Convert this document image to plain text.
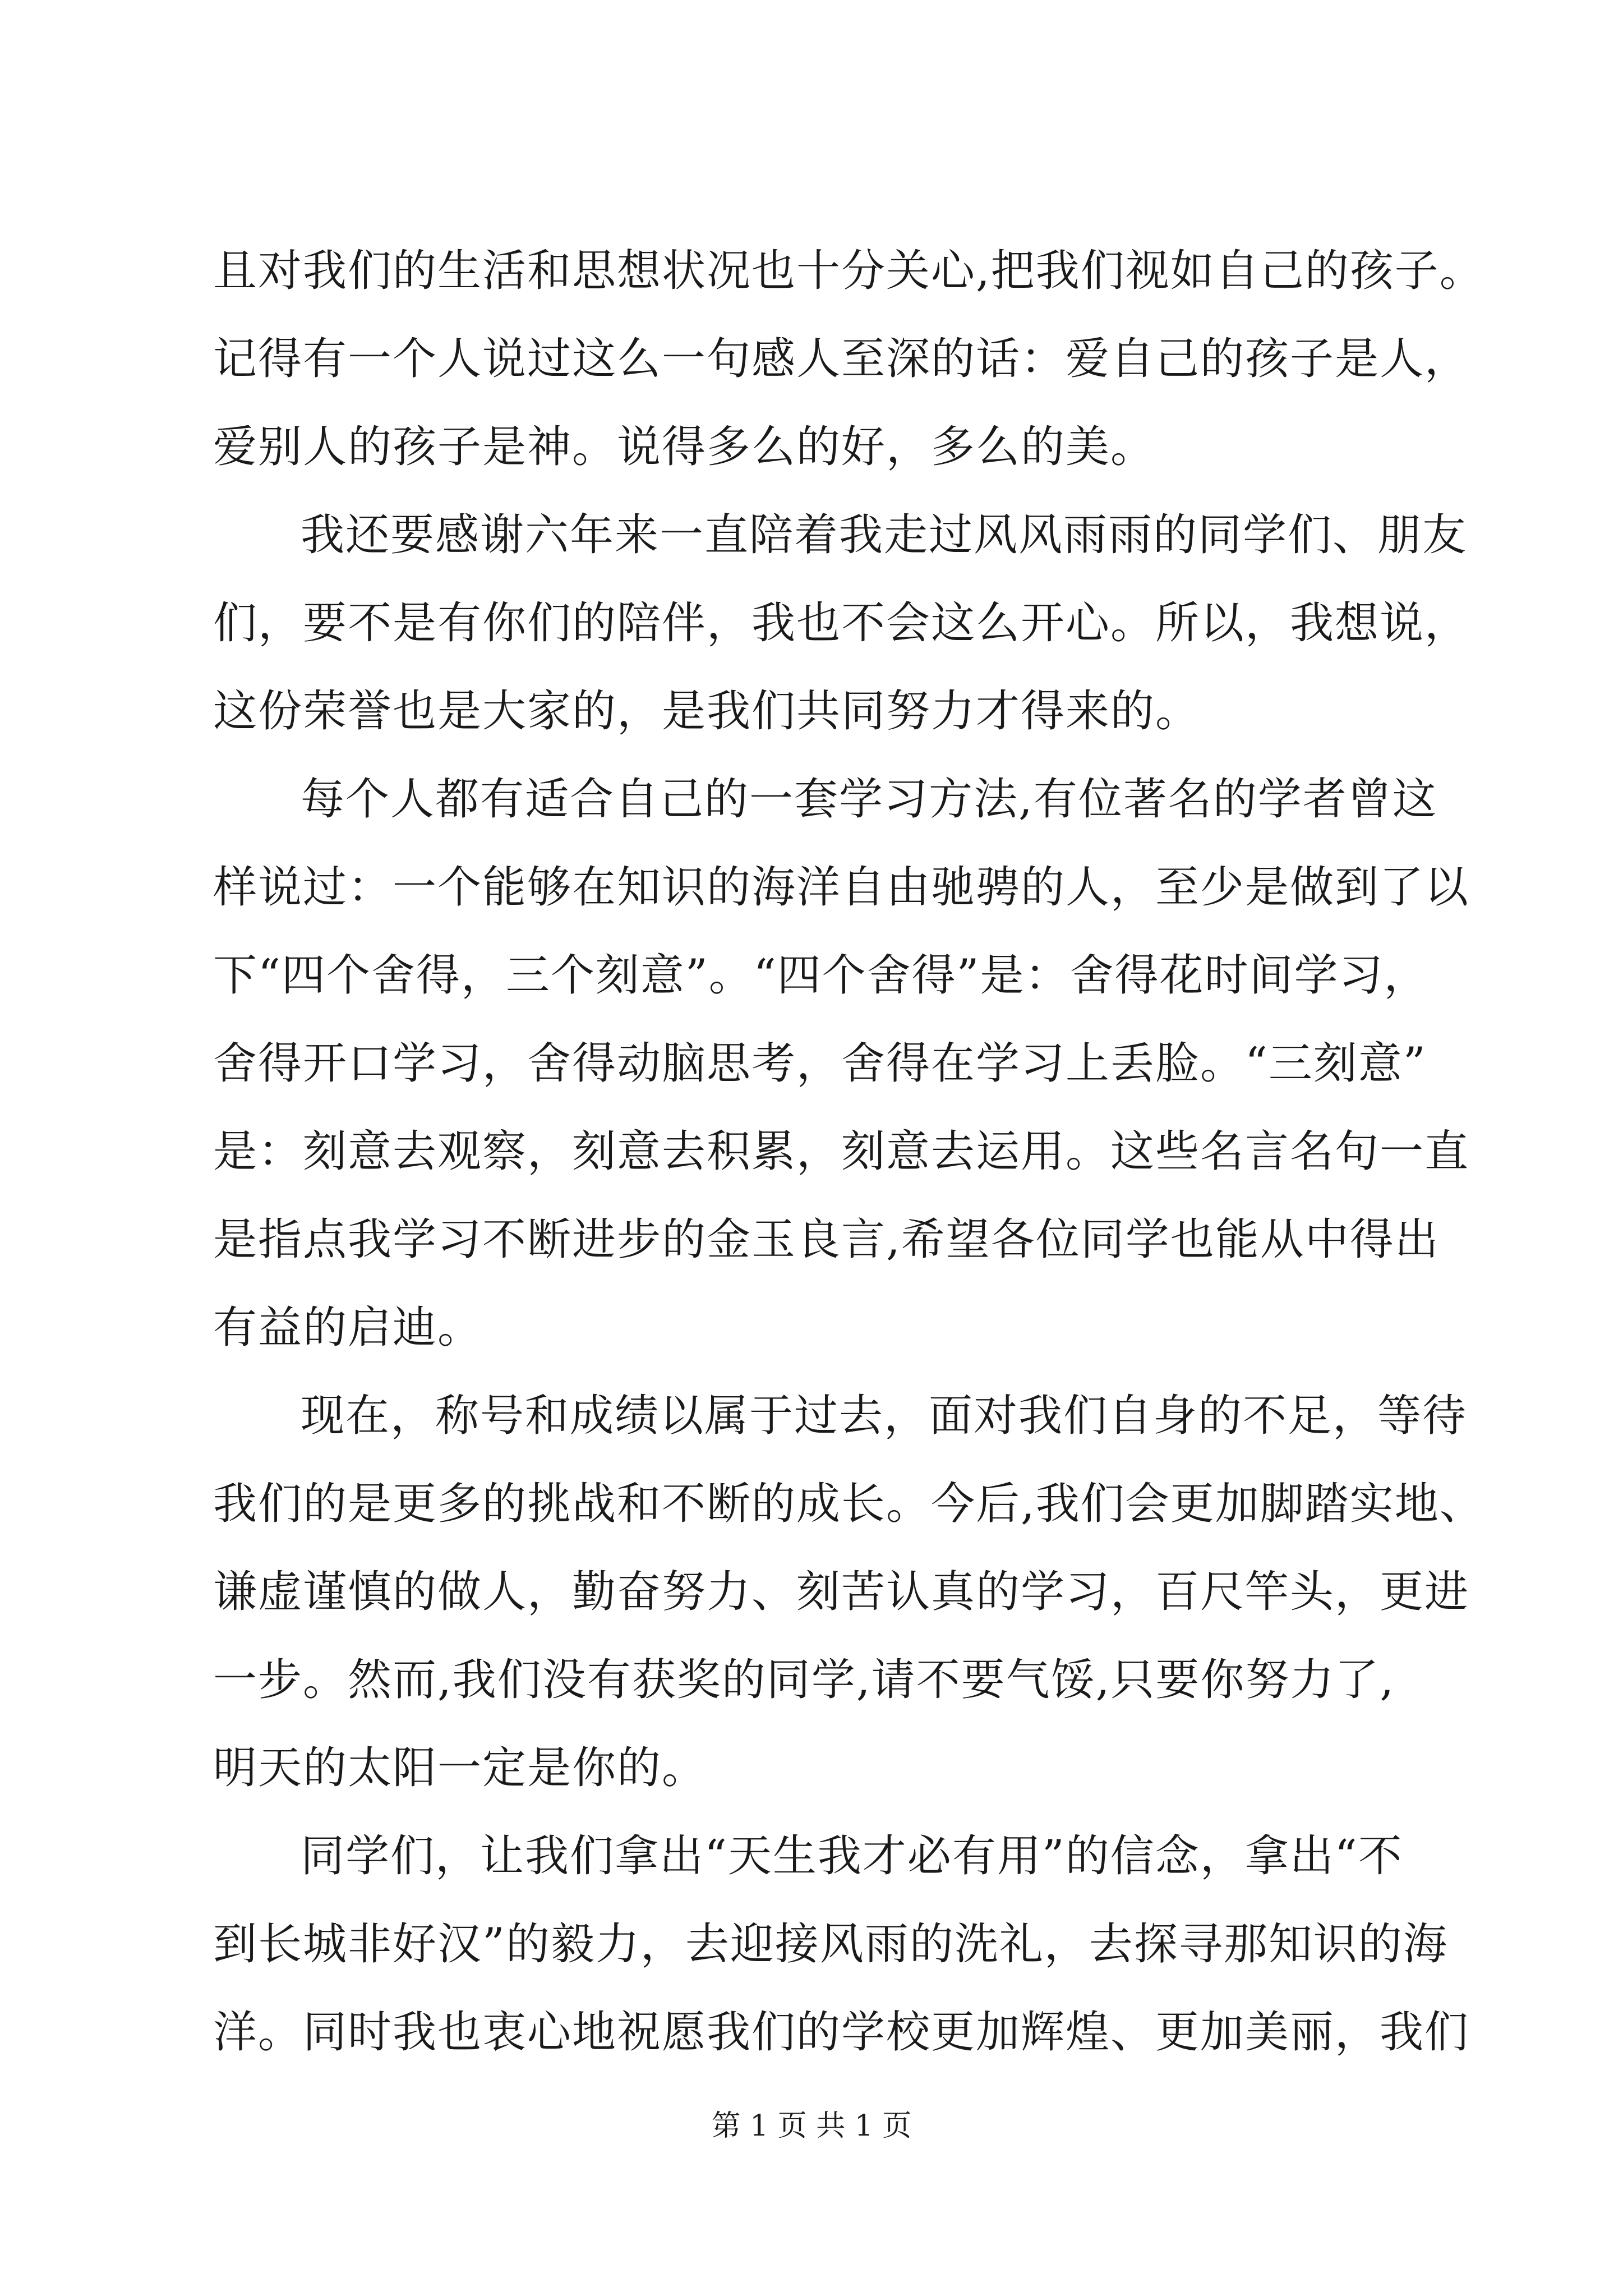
且对我们的生活和思想状况也十分关心,把我们视如自己的孩子。
记得有一个人说过这么一句感人至深的话：爱自己的孩子是人，
爱别人的孩子是神。说得多么的好，多么的美。
我还要感谢六年来一直陪着我走过风风雨雨的同学们、朋友
们，要不是有你们的陪伴，我也不会这么开心。所以，我想说，
这份荣誉也是大家的，是我们共同努力才得来的。
每个人都有适合自己的一套学习方法,有位著名的学者曾这
样说过：一个能够在知识的海洋自由驰骋的人，至少是做到了以
下“四个舍得，三个刻意”。“四个舍得”是：舍得花时间学习，
舍得开口学习，舍得动脑思考，舍得在学习上丢脸。“三刻意”
是：刻意去观察，刻意去积累，刻意去运用。这些名言名句一直
是指点我学习不断进步的金玉良言,希望各位同学也能从中得出
有益的启迪。
现在，称号和成绩以属于过去，面对我们自身的不足，等待
我们的是更多的挑战和不断的成长。今后,我们会更加脚踏实地、
谦虚谨慎的做人，勤奋努力、刻苦认真的学习，百尺竿头，更进
一步。然而,我们没有获奖的同学,请不要气馁,只要你努力了,
明天的太阳一定是你的。
同学们，让我们拿出“天生我才必有用”的信念，拿出“不
到长城非好汉”的毅力，去迎接风雨的洗礼，去探寻那知识的海
洋。同时我也衷心地祝愿我们的学校更加辉煌、更加美丽，我们
第 1 页 共 1 页
